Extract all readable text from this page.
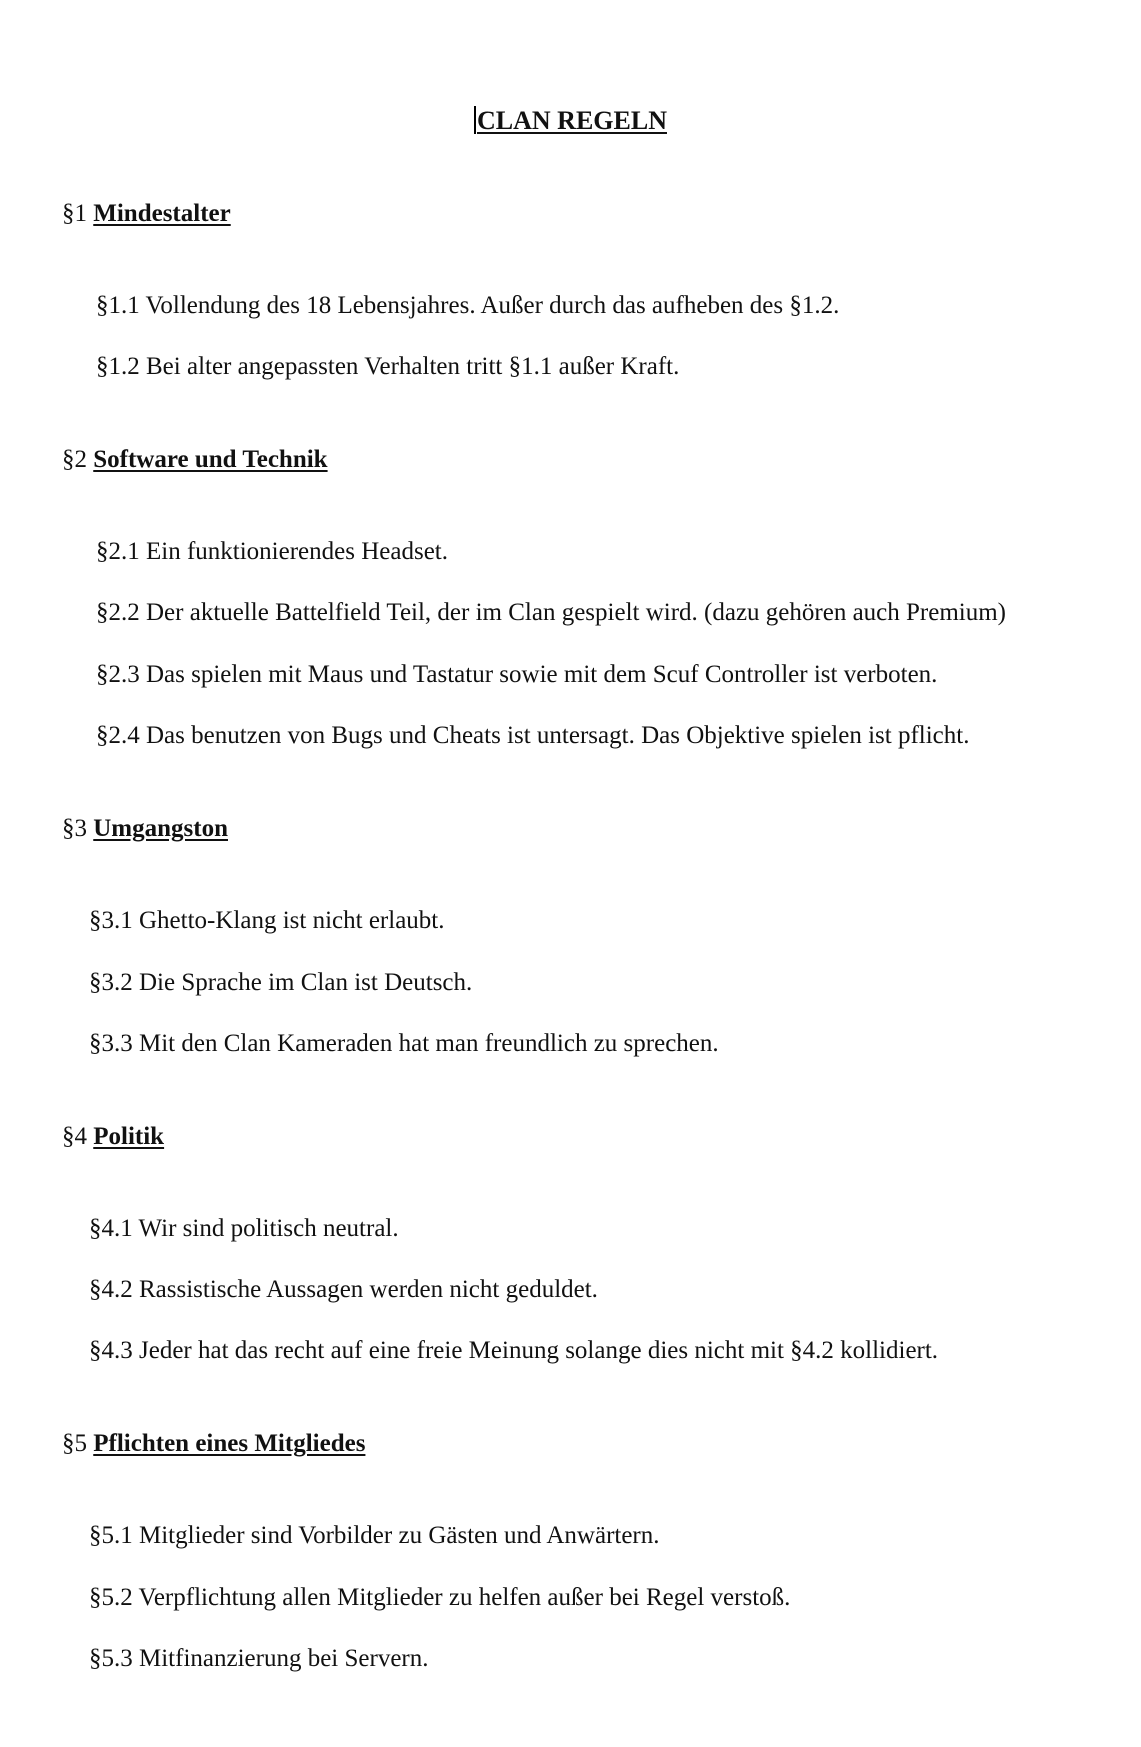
CLAN REGELN
§1 Mindestalter
§1.1 Vollendung des 18 Lebensjahres. Außer durch das aufheben des §1.2.
§1.2 Bei alter angepassten Verhalten tritt §1.1 außer Kraft.
§2 Software und Technik
§2.1 Ein funktionierendes Headset.
§2.2 Der aktuelle Battelfield Teil, der im Clan gespielt wird. (dazu gehören auch Premium)
§2.3 Das spielen mit Maus und Tastatur sowie mit dem Scuf Controller ist verboten.
§2.4 Das benutzen von Bugs und Cheats ist untersagt. Das Objektive spielen ist pflicht.
§3 Umgangston
§3.1 Ghetto-Klang ist nicht erlaubt.
§3.2 Die Sprache im Clan ist Deutsch.
§3.3 Mit den Clan Kameraden hat man freundlich zu sprechen.
§4 Politik
§4.1 Wir sind politisch neutral.
§4.2 Rassistische Aussagen werden nicht geduldet.
§4.3 Jeder hat das recht auf eine freie Meinung solange dies nicht mit §4.2 kollidiert.
§5 Pflichten eines Mitgliedes
§5.1 Mitglieder sind Vorbilder zu Gästen und Anwärtern.
§5.2 Verpflichtung allen Mitglieder zu helfen außer bei Regel verstoß.
§5.3 Mitfinanzierung bei Servern.
